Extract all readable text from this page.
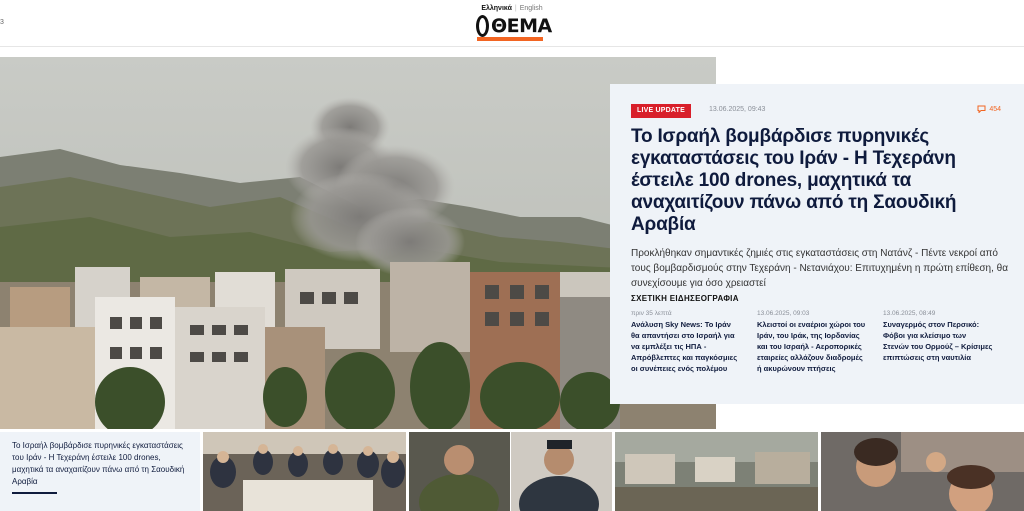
3
Ελληνικά | English
ΘΕΜΑ
LIVE UPDATE	13.06.2025, 09:43	454
Το Ισραήλ βομβάρδισε πυρηνικές εγκαταστάσεις του Ιράν - Η Τεχεράνη έστειλε 100 drones, μαχητικά τα αναχαιτίζουν πάνω από τη Σαουδική Αραβία
Προκλήθηκαν σημαντικές ζημιές στις εγκαταστάσεις στη Νατάνζ - Πέντε νεκροί από τους βομβαρδισμούς στην Τεχεράνη - Νετανιάχου: Επιτυχημένη η πρώτη επίθεση, θα συνεχίσουμε για όσο χρειαστεί
ΣΧΕΤΙΚΗ ΕΙΔΗΣΕΟΓΡΑΦΙΑ
πριν 35 λεπτά
Ανάλυση Sky News: Το Ιράν θα απαντήσει στο Ισραήλ για να εμπλέξει τις ΗΠΑ - Απρόβλεπτες και παγκόσμιες οι συνέπειες ενός πολέμου
13.06.2025, 09:03
Κλειστοί οι εναέριοι χώροι του Ιράν, του Ιράκ, της Ιορδανίας και του Ισραήλ - Αεροπορικές εταιρείες αλλάζουν διαδρομές ή ακυρώνουν πτήσεις
13.06.2025, 08:49
Συναγερμός στον Περσικό: Φόβοι για κλείσιμο των Στενών του Ορμούζ – Κρίσιμες επιπτώσεις στη ναυτιλία
Το Ισραήλ βομβάρδισε πυρηνικές εγκαταστάσεις του Ιράν - Η Τεχεράνη έστειλε 100 drones, μαχητικά τα αναχαιτίζουν πάνω από τη Σαουδική Αραβία
